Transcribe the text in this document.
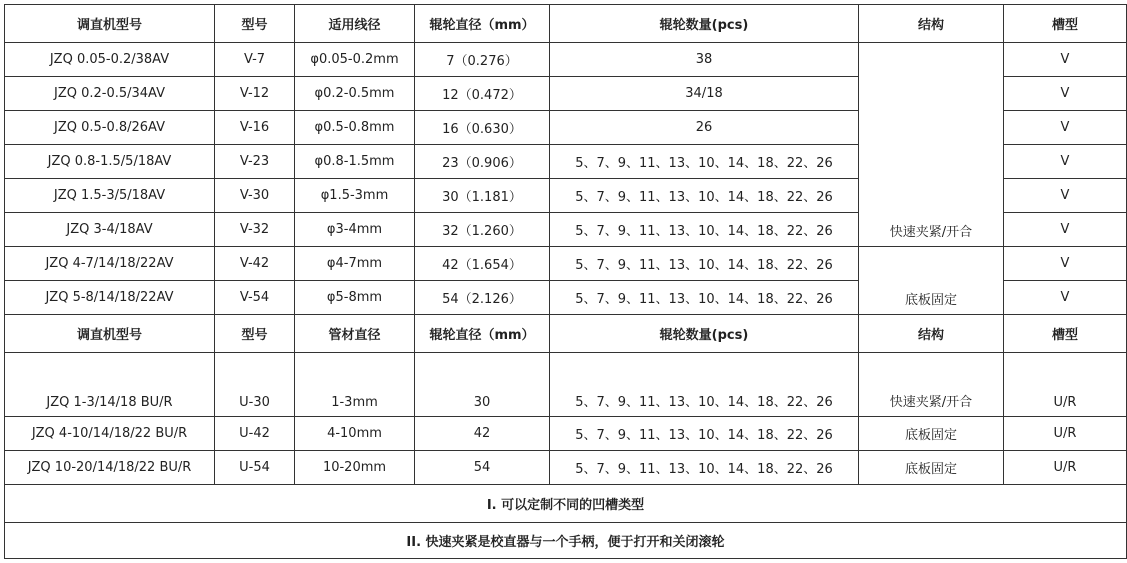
调直机型号	型号	适用线径	辊轮直径（mm）	辊轮数量(pcs)	结构	槽型
JZQ 0.05-0.2/38AV	V-7	φ0.05-0.2mm	7（0.276）	38	快速夹紧/开合	V
JZQ 0.2-0.5/34AV	V-12	φ0.2-0.5mm	12（0.472）	34/18		V
JZQ 0.5-0.8/26AV	V-16	φ0.5-0.8mm	16（0.630）	26		V
JZQ 0.8-1.5/5/18AV	V-23	φ0.8-1.5mm	23（0.906）	5、7、9、11、13、10、14、18、22、26		V
JZQ 1.5-3/5/18AV	V-30	φ1.5-3mm	30（1.181）	5、7、9、11、13、10、14、18、22、26		V
JZQ 3-4/18AV	V-32	φ3-4mm	32（1.260）	5、7、9、11、13、10、14、18、22、26		V
JZQ 4-7/14/18/22AV	V-42	φ4-7mm	42（1.654）	5、7、9、11、13、10、14、18、22、26	底板固定	V
JZQ 5-8/14/18/22AV	V-54	φ5-8mm	54（2.126）	5、7、9、11、13、10、14、18、22、26		V
调直机型号	型号	管材直径	辊轮直径（mm）	辊轮数量(pcs)	结构	槽型
JZQ 1-3/14/18 BU/R	U-30	1-3mm	30	5、7、9、11、13、10、14、18、22、26	快速夹紧/开合	U/R
JZQ 4-10/14/18/22 BU/R	U-42	4-10mm	42	5、7、9、11、13、10、14、18、22、26	底板固定	U/R
JZQ 10-20/14/18/22 BU/R	U-54	10-20mm	54	5、7、9、11、13、10、14、18、22、26	底板固定	U/R
I. 可以定制不同的凹槽类型						
II. 快速夹紧是校直器与一个手柄，便于打开和关闭滚轮						
